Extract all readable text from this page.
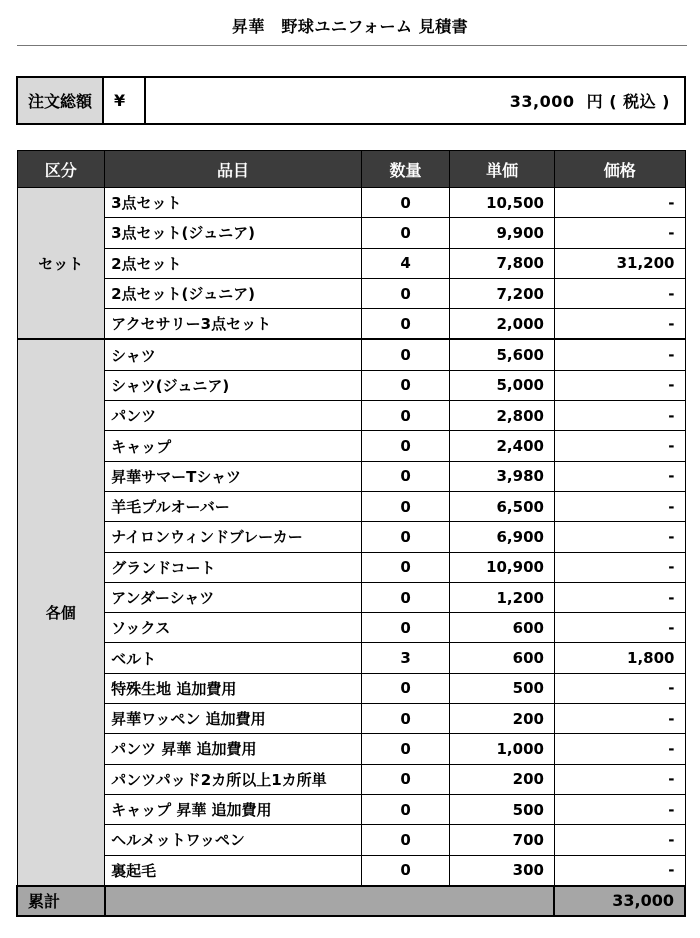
昇華　野球ユニフォーム 見積書
注文総額	¥	33,000 円 ( 税込 )
区分	品目	数量	単価	価格
セット	3点セット	0	10,500	-
	3点セット(ジュニア)	0	9,900	-
	2点セット	4	7,800	31,200
	2点セット(ジュニア)	0	7,200	-
	アクセサリー3点セット	0	2,000	-
各個	シャツ	0	5,600	-
	シャツ(ジュニア)	0	5,000	-
	パンツ	0	2,800	-
	キャップ	0	2,400	-
	昇華サマーTシャツ	0	3,980	-
	羊毛プルオーバー	0	6,500	-
	ナイロンウィンドブレーカー	0	6,900	-
	グランドコート	0	10,900	-
	アンダーシャツ	0	1,200	-
	ソックス	0	600	-
	ベルト	3	600	1,800
	特殊生地 追加費用	0	500	-
	昇華ワッペン 追加費用	0	200	-
	パンツ 昇華 追加費用	0	1,000	-
	パンツパッド2カ所以上1カ所単	0	200	-
	キャップ 昇華 追加費用	0	500	-
	ヘルメットワッペン	0	700	-
	裏起毛	0	300	-
累計				33,000
